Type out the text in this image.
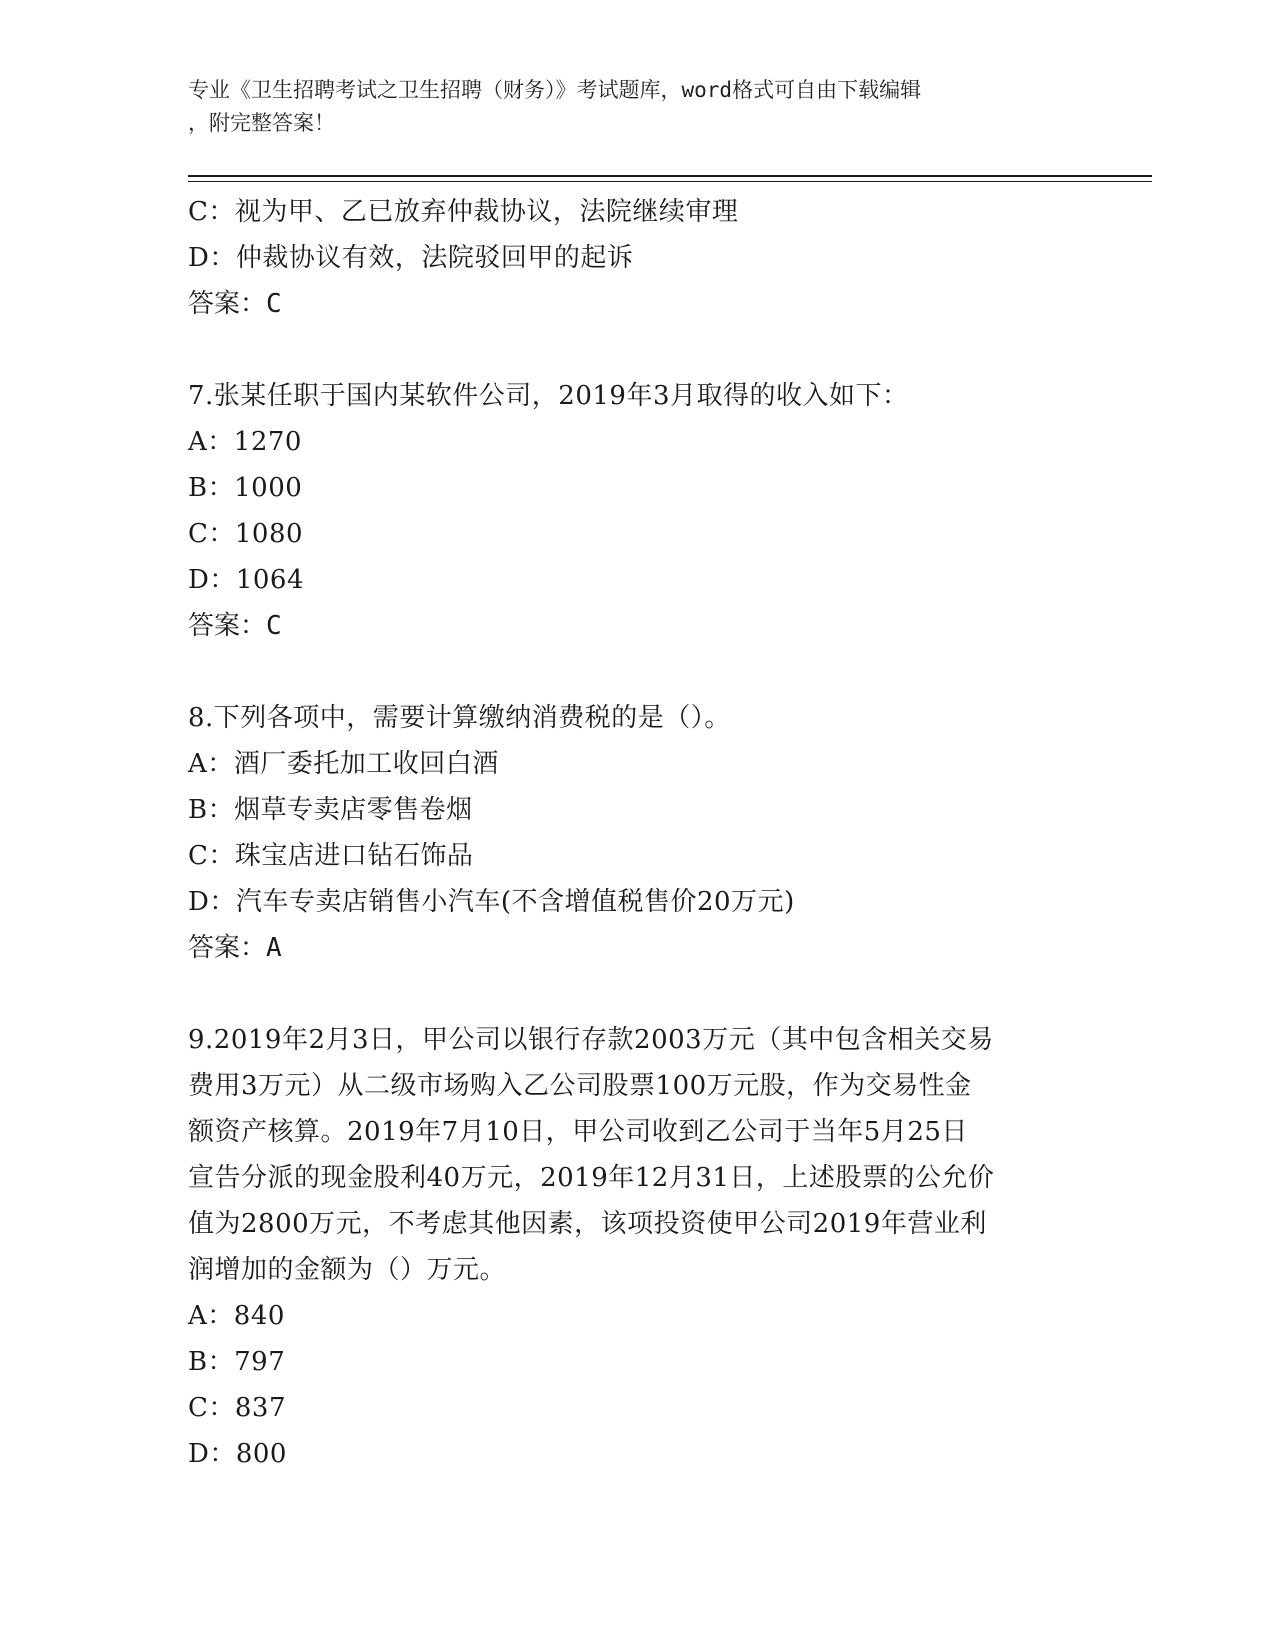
专业《卫生招聘考试之卫生招聘（财务）》考试题库，word格式可自由下载编辑
，附完整答案！
C：视为甲、乙已放弃仲裁协议，法院继续审理
D：仲裁协议有效，法院驳回甲的起诉
答案：C
7.张某任职于国内某软件公司，2019年3月取得的收入如下：
A：1270
B：1000
C：1080
D：1064
答案：C
8.下列各项中，需要计算缴纳消费税的是（）。
A：酒厂委托加工收回白酒
B：烟草专卖店零售卷烟
C：珠宝店进口钻石饰品
D：汽车专卖店销售小汽车(不含增值税售价20万元)
答案：A
9.2019年2月3日，甲公司以银行存款2003万元（其中包含相关交易
费用3万元）从二级市场购入乙公司股票100万元股，作为交易性金
额资产核算。2019年7月10日，甲公司收到乙公司于当年5月25日
宣告分派的现金股利40万元，2019年12月31日，上述股票的公允价
值为2800万元，不考虑其他因素，该项投资使甲公司2019年营业利
润增加的金额为（）万元。
A：840
B：797
C：837
D：800
